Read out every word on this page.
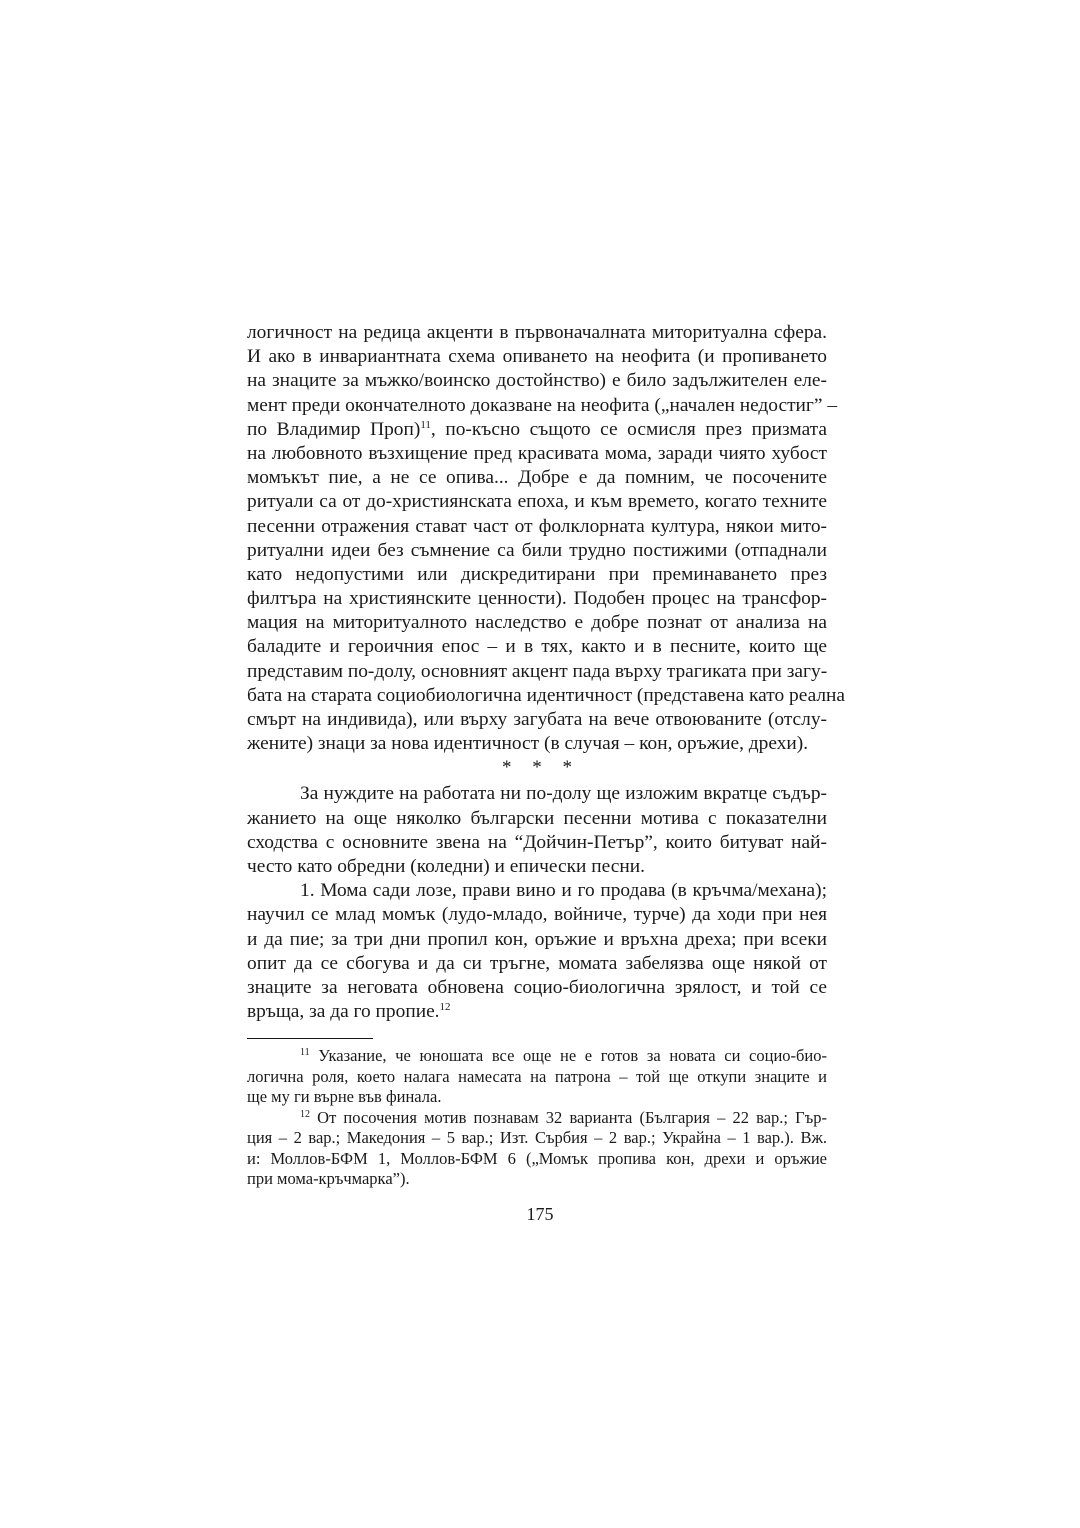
логичност на редица акценти в първоначалната миторитуална сфера.
И ако в инвариантната схема опиването на неофита (и пропиването
на знаците за мъжко/воинско достойнство) е било задължителен еле-
мент преди окончателното доказване на неофита („начален недостиг” –
по Владимир Проп)$^{11}$, по-късно същото се осмисля през призмата
на любовното възхищение пред красивата мома, заради чиято хубост
момъкът пие, а не се опива... Добре е да помним, че посочените
ритуали са от до-християнската епоха, и към времето, когато техните
песенни отражения стават част от фолклорната култура, някои мито-
ритуални идеи без съмнение са били трудно постижими (отпаднали
като недопустими или дискредитирани при преминаването през
филтъра на християнските ценности). Подобен процес на трансфор-
мация на миторитуалното наследство е добре познат от анализа на
баладите и героичния епос – и в тях, както и в песните, които ще
представим по-долу, основният акцент пада върху трагиката при загу-
бата на старата социобиологична идентичност (представена като реална
смърт на индивида), или върху загубата на вече отвоюваните (отслу-
жените) знаци за нова идентичност (в случая – кон, оръжие, дрехи).
* * *
За нуждите на работата ни по-долу ще изложим вкратце съдър-
жанието на още няколко български песенни мотива с показателни
сходства с основните звена на “Дойчин-Петър”, които битуват най-
често като обредни (коледни) и епически песни.
1. Мома сади лозе, прави вино и го продава (в кръчма/механа);
научил се млад момък (лудо-младо, войниче, турче) да ходи при нея
и да пие; за три дни пропил кон, оръжие и връхна дреха; при всеки
опит да се сбогува и да си тръгне, момата забелязва още някой от
знаците за неговата обновена социо-биологична зрялост, и той се
връща, за да го пропие.$^{12}$
$^{11}$ Указание, че юношата все още не е готов за новата си социо-био-
логична роля, което налага намесата на патрона – той ще откупи знаците и
ще му ги върне във финала.
$^{12}$ От посочения мотив познавам 32 варианта (България – 22 вар.; Гър-
ция – 2 вар.; Македония – 5 вар.; Изт. Сърбия – 2 вар.; Украйна – 1 вар.). Вж.
и: Моллов-БФМ 1, Моллов-БФМ 6 („Момък пропива кон, дрехи и оръжие
при мома-кръчмарка”).
175
